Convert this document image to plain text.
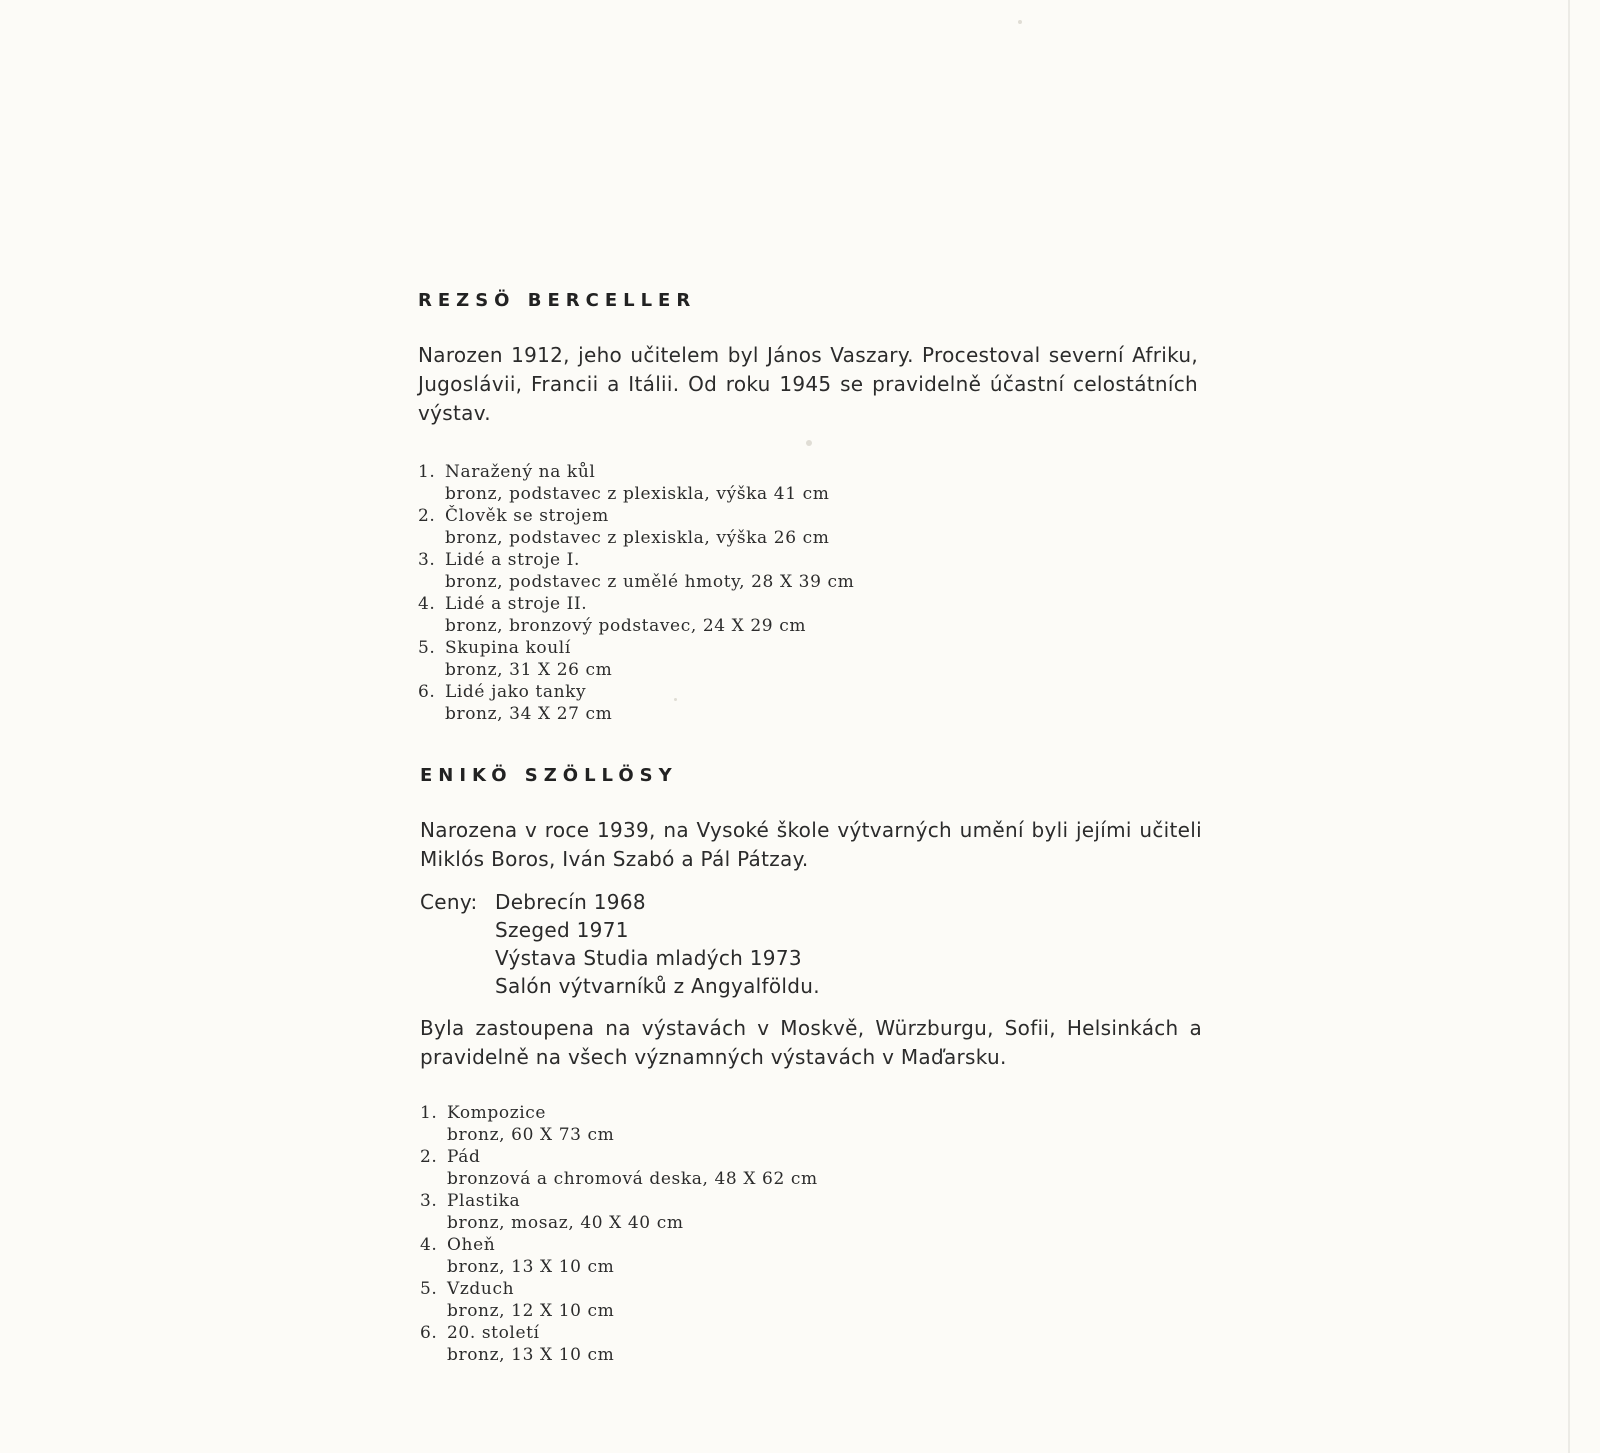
REZSÖ BERCELLER

Narozen 1912, jeho učitelem byl János Vaszary. Procestoval severní Afriku, Jugoslávii, Francii a Itálii. Od roku 1945 se pravidelně účastní celostátních výstav.

1. Naražený na kůl
bronz, podstavec z plexiskla, výška 41 cm
2. Člověk se strojem
bronz, podstavec z plexiskla, výška 26 cm
3. Lidé a stroje I.
bronz, podstavec z umělé hmoty, 28 X 39 cm
4. Lidé a stroje II.
bronz, bronzový podstavec, 24 X 29 cm
5. Skupina koulí
bronz, 31 X 26 cm
6. Lidé jako tanky
bronz, 34 X 27 cm
ENIKÖ SZÖLLÖSY

Narozena v roce 1939, na Vysoké škole výtvarných umění byli jejími učiteli Miklós Boros, Iván Szabó a Pál Pátzay.

Ceny: Debrecín 1968
Szeged 1971
Výstava Studia mladých 1973
Salón výtvarníků z Angyalföldu.

Byla zastoupena na výstavách v Moskvě, Würzburgu, Sofii, Helsinkách a pravidelně na všech významných výstavách v Maďarsku.

1. Kompozice
bronz, 60 X 73 cm
2. Pád
bronzová a chromová deska, 48 X 62 cm
3. Plastika
bronz, mosaz, 40 X 40 cm
4. Oheň
bronz, 13 X 10 cm
5. Vzduch
bronz, 12 X 10 cm
6. 20. století
bronz, 13 X 10 cm
